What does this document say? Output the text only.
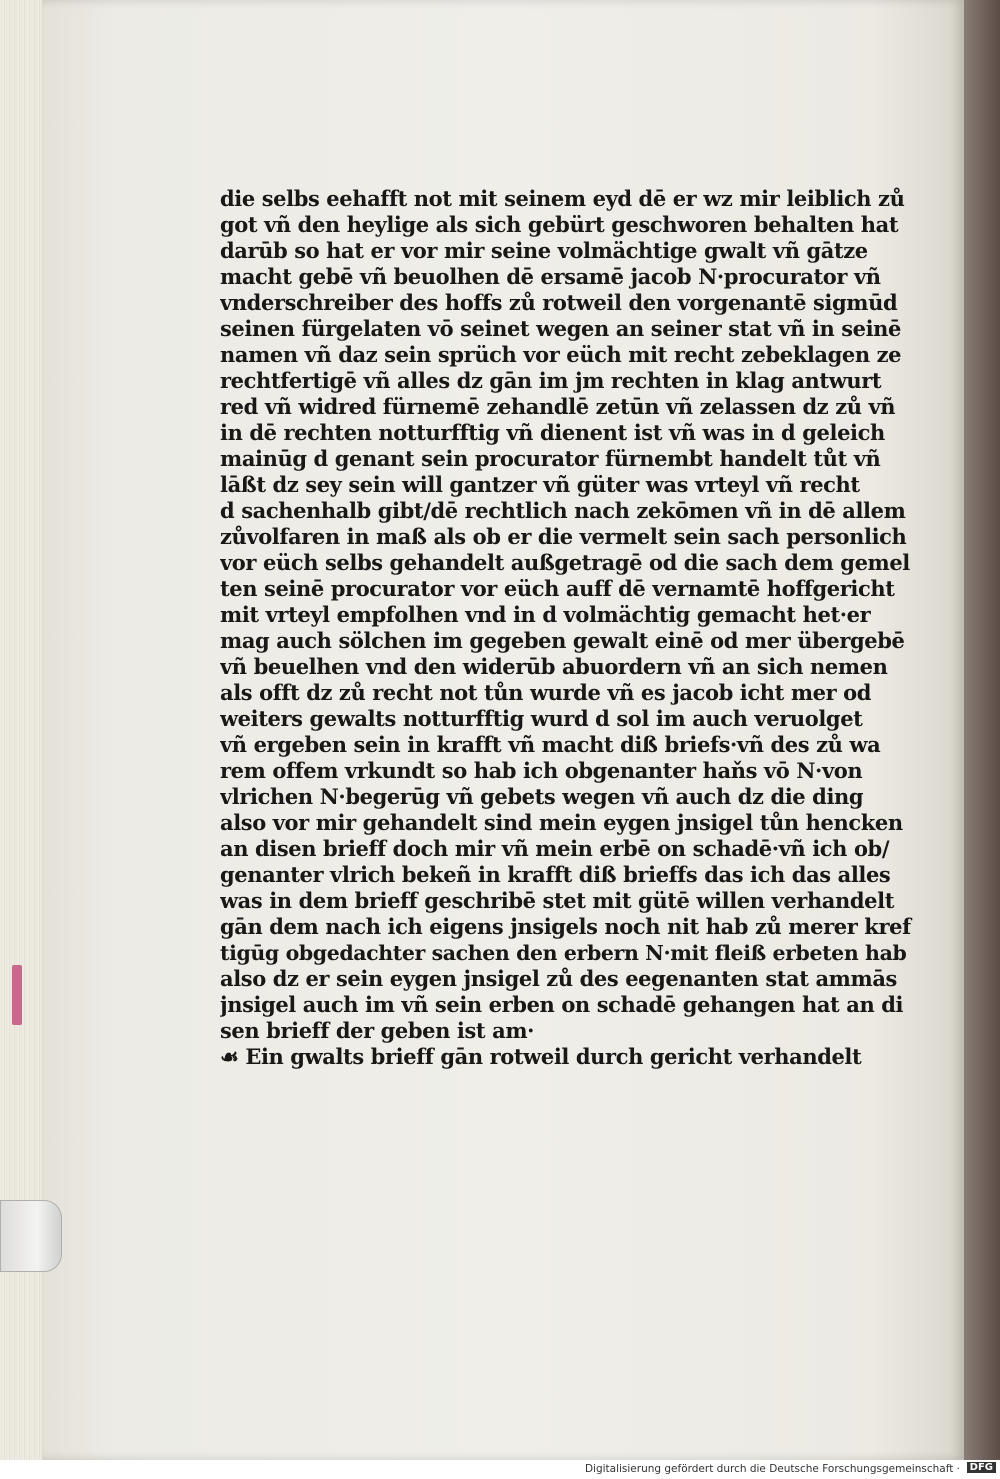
die selbs eehafft not mit seinem eyd dē er wz mir leiblich zů
got vñ den heylige als sich gebürt geschworen behalten hat
darūb so hat er vor mir seine volmächtige gwalt vñ gātze
macht gebē vñ beuolhen dē ersamē jacob N·procurator vñ
vnderschreiber des hoffs zů rotweil den vorgenantē sigmūd
seinen fürgelaten vō seinet wegen an seiner stat vñ in seinē
namen vñ daz sein sprüch vor eüch mit recht zebeklagen ze
rechtfertigē vñ alles dz gān im jm rechten in klag antwurt
red vñ widred fürnemē zehandlē zetūn vñ zelassen dz zů vñ
in dē rechten notturfftig vñ dienent ist vñ was in d geleich
mainūg d genant sein procurator fürnembt handelt tůt vñ
lāßt dz sey sein will gantzer vñ güter was vrteyl vñ recht
d sachenhalb gibt/dē rechtlich nach zekōmen vñ in dē allem
zůvolfaren in maß als ob er die vermelt sein sach personlich
vor eüch selbs gehandelt außgetragē od die sach dem gemel
ten seinē procurator vor eüch auff dē vernamtē hoffgericht
mit vrteyl empfolhen vnd in d volmächtig gemacht het·er
mag auch sölchen im gegeben gewalt einē od mer übergebē
vñ beuelhen vnd den widerūb abuordern vñ an sich nemen
als offt dz zů recht not tůn wurde vñ es jacob icht mer od
weiters gewalts notturfftig wurd d sol im auch veruolget
vñ ergeben sein in krafft vñ macht diß briefs·vñ des zů wa
rem offem vrkundt so hab ich obgenanter haňs vō N·von
vlrichen N·begerūg vñ gebets wegen vñ auch dz die ding
also vor mir gehandelt sind mein eygen jnsigel tůn hencken
an disen brieff doch mir vñ mein erbē on schadē·vñ ich ob/
genanter vlrich bekeñ in krafft diß brieffs das ich das alles
was in dem brieff geschribē stet mit gütē willen verhandelt
gān dem nach ich eigens jnsigels noch nit hab zů merer kref
tigūg obgedachter sachen den erbern N·mit fleiß erbeten hab
also dz er sein eygen jnsigel zů des eegenanten stat ammās
jnsigel auch im vñ sein erben on schadē gehangen hat an di
sen brieff der geben ist am·
☙ Ein gwalts brieff gān rotweil durch gericht verhandelt
Digitalisierung gefördert durch die Deutsche Forschungsgemeinschaft · DFG
